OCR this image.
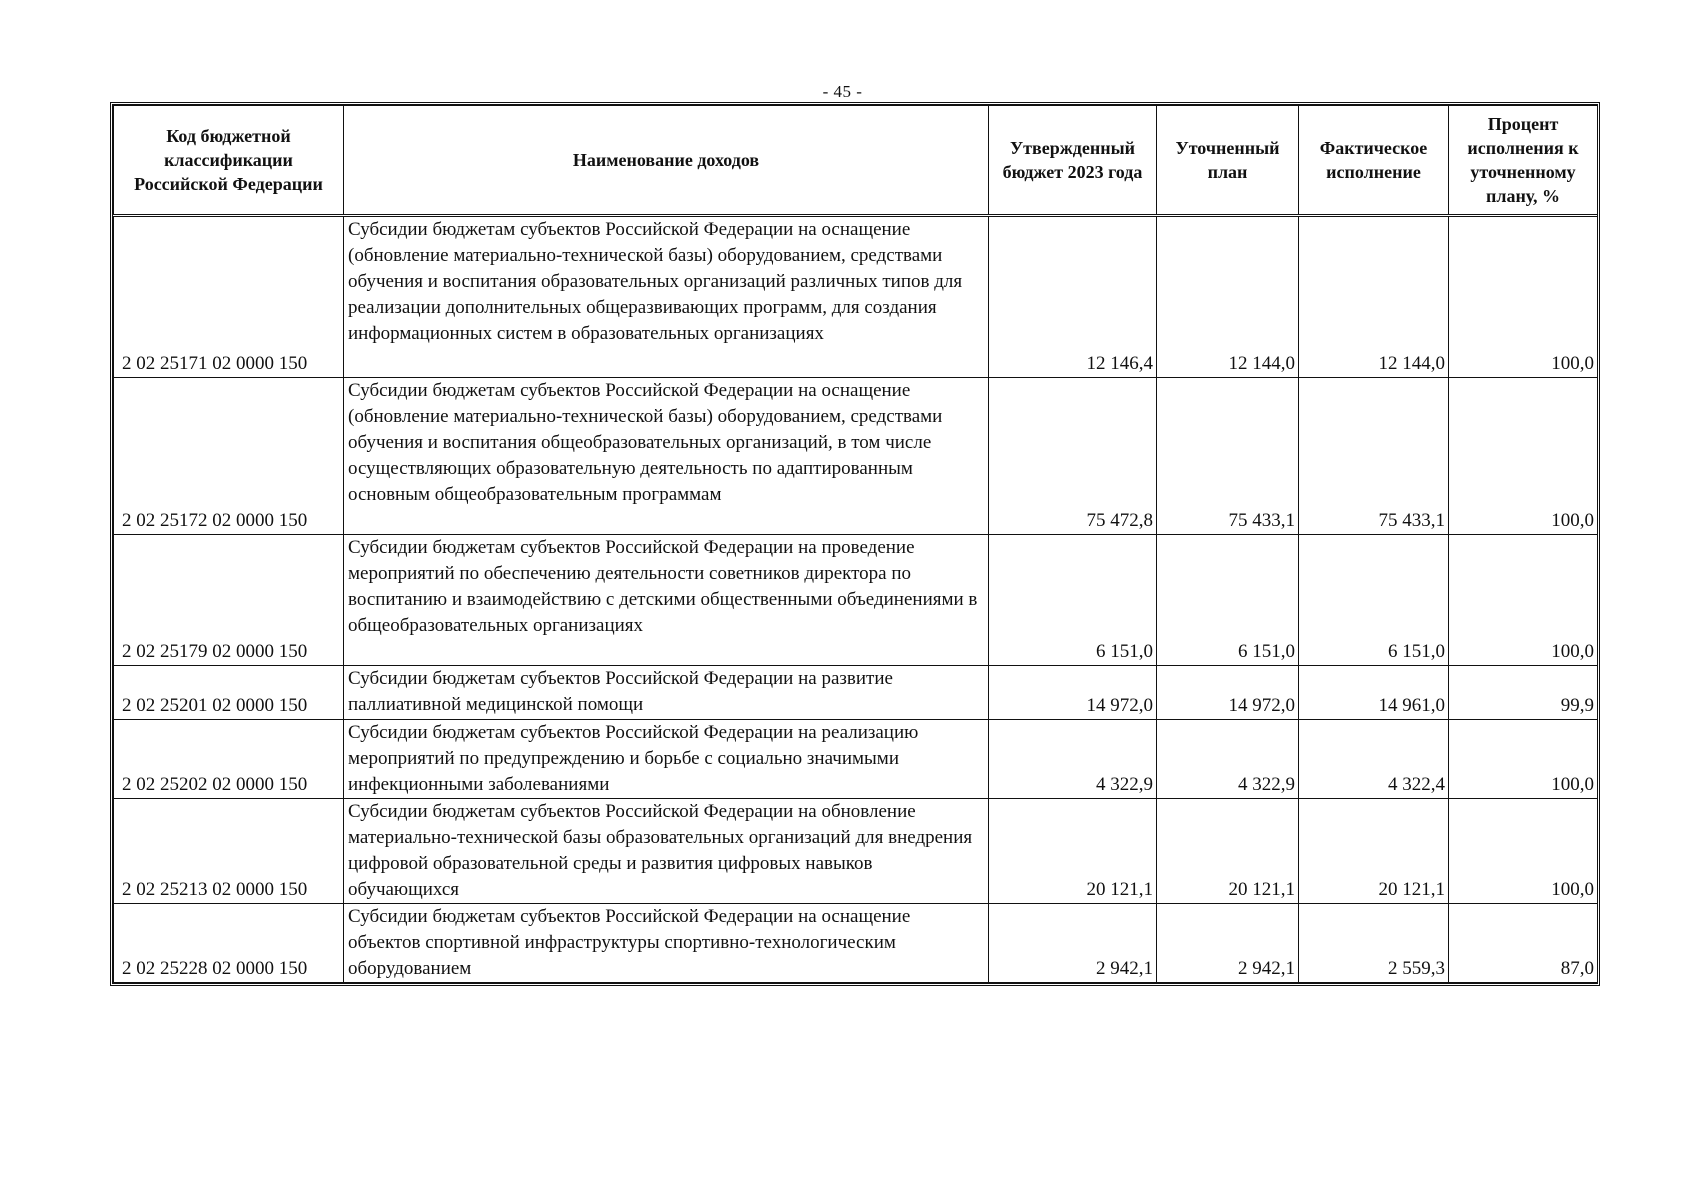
- 45 -
Код бюджетной классификации Российской Федерации	Наименование доходов	Утвержденный бюджет 2023 года	Уточненный план	Фактическое исполнение	Процент исполнения к уточненному плану, %
2 02 25171 02 0000 150	Субсидии бюджетам субъектов Российской Федерации на оснащение (обновление материально-технической базы) оборудованием, средствами обучения и воспитания образовательных организаций различных типов для реализации дополнительных общеразвивающих программ, для создания информационных систем в образовательных организациях	12 146,4	12 144,0	12 144,0	100,0
2 02 25172 02 0000 150	Субсидии бюджетам субъектов Российской Федерации на оснащение (обновление материально-технической базы) оборудованием, средствами обучения и воспитания общеобразовательных организаций, в том числе осуществляющих образовательную деятельность по адаптированным основным общеобразовательным программам	75 472,8	75 433,1	75 433,1	100,0
2 02 25179 02 0000 150	Субсидии бюджетам субъектов Российской Федерации на проведение мероприятий по обеспечению деятельности советников директора по воспитанию и взаимодействию с детскими общественными объединениями в общеобразовательных организациях	6 151,0	6 151,0	6 151,0	100,0
2 02 25201 02 0000 150	Субсидии бюджетам субъектов Российской Федерации на развитие паллиативной медицинской помощи	14 972,0	14 972,0	14 961,0	99,9
2 02 25202 02 0000 150	Субсидии бюджетам субъектов Российской Федерации на реализацию мероприятий по предупреждению и борьбе с социально значимыми инфекционными заболеваниями	4 322,9	4 322,9	4 322,4	100,0
2 02 25213 02 0000 150	Субсидии бюджетам субъектов Российской Федерации на обновление материально-технической базы образовательных организаций для внедрения цифровой образовательной среды и развития цифровых навыков обучающихся	20 121,1	20 121,1	20 121,1	100,0
2 02 25228 02 0000 150	Субсидии бюджетам субъектов Российской Федерации на оснащение объектов спортивной инфраструктуры спортивно-технологическим оборудованием	2 942,1	2 942,1	2 559,3	87,0
